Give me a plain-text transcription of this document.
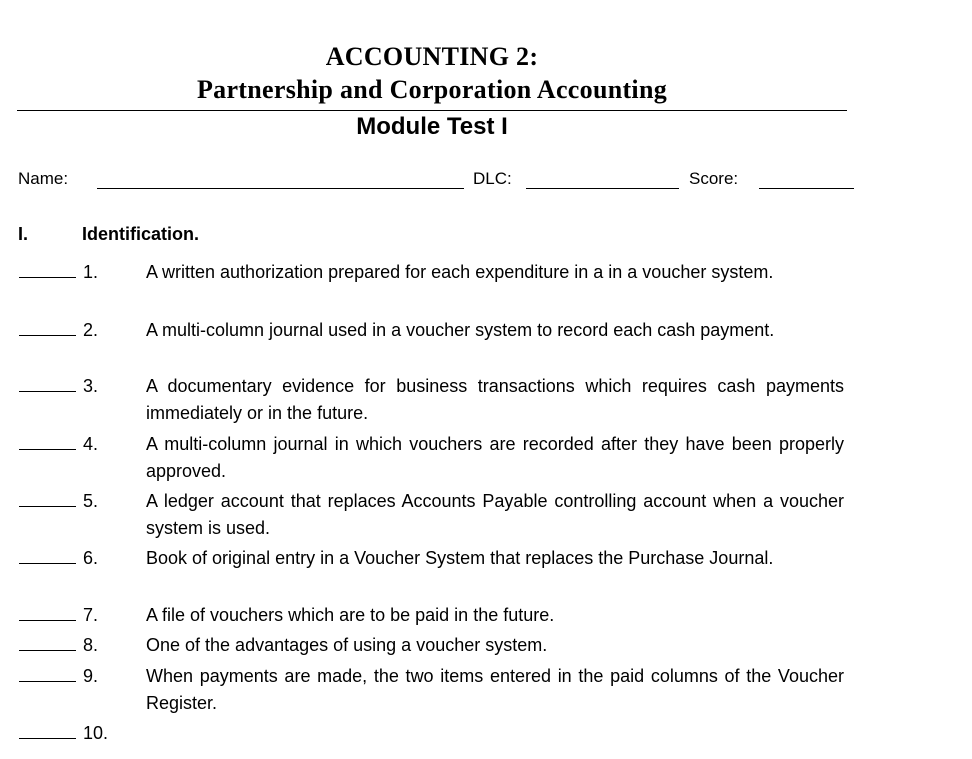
ACCOUNTING 2:
Partnership and Corporation Accounting
Module Test I
Name:	DLC:	Score:
I.	Identification.
1.	A written authorization prepared for each expenditure in a in a voucher system.
2.	A multi-column journal used in a voucher system to record each cash payment.
3.	A documentary evidence for business transactions which requires cash payments immediately or in the future.
4.	A multi-column journal in which vouchers are recorded after they have been properly approved.
5.	A ledger account that replaces Accounts Payable controlling account when a voucher system is used.
6.	Book of original entry in a Voucher System that replaces the Purchase Journal.
7.	A file of vouchers which are to be paid in the future.
8.	One of the advantages of using a voucher system.
9.	When payments are made, the two items entered in the paid columns of the Voucher Register.
10.
